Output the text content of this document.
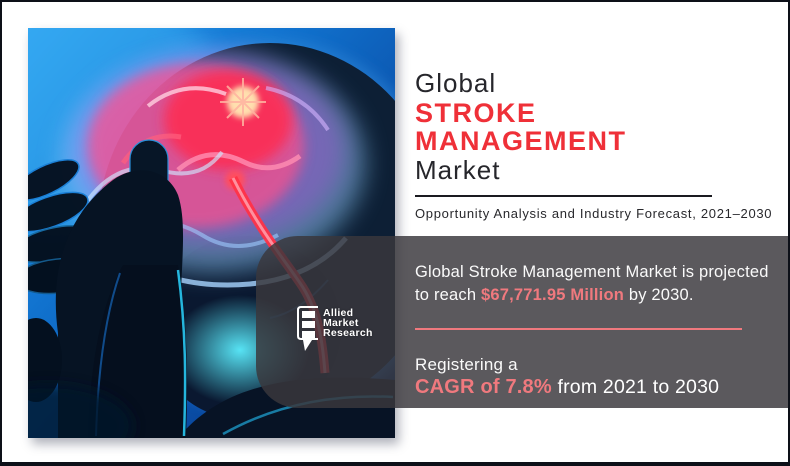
Global
STROKE
MANAGEMENT
Market
Opportunity Analysis and Industry Forecast, 2021–2030
Global Stroke Management Market is projected
to reach $67,771.95 Million by 2030.
Registering a
CAGR of 7.8% from 2021 to 2030
Allied
Market
Research
